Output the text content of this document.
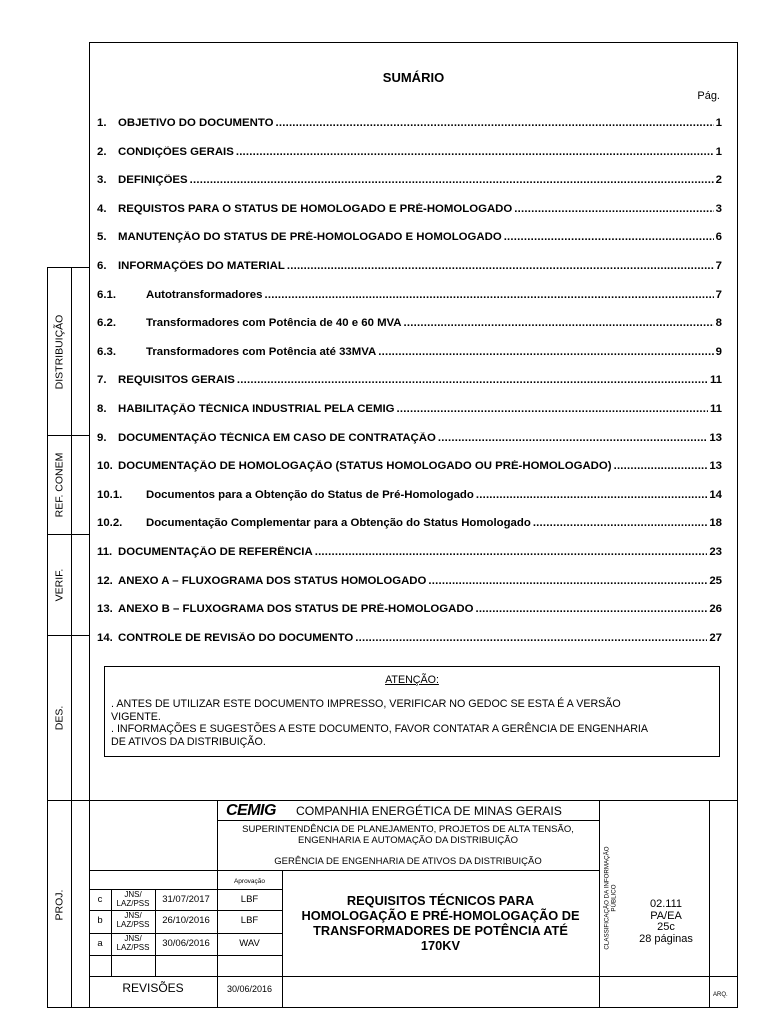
DISTRIBUIÇÃO
REF. CONEM
VERIF.
DES.
PROJ.
SUMÁRIO
Pág.
1.	OBJETIVO DO DOCUMENTO .....	1
2.	CONDIÇÕES GERAIS .....	1
3.	DEFINIÇÕES .....	2
4.	REQUISTOS PARA O STATUS DE HOMOLOGADO E PRÉ-HOMOLOGADO .....	3
5.	MANUTENÇÃO DO STATUS DE PRÉ-HOMOLOGADO E HOMOLOGADO .....	6
6.	INFORMAÇÕES DO MATERIAL .....	7
6.1.	Autotransformadores .....	7
6.2.	Transformadores com Potência de 40 e 60 MVA .....	8
6.3.	Transformadores com Potência até 33MVA .....	9
7.	REQUISITOS GERAIS .....	11
8.	HABILITAÇÃO TÉCNICA INDUSTRIAL PELA CEMIG .....	11
9.	DOCUMENTAÇÃO TÉCNICA EM CASO DE CONTRATAÇÃO .....	13
10. DOCUMENTAÇÃO DE HOMOLOGAÇÃO (STATUS HOMOLOGADO OU PRÉ-HOMOLOGADO) .....	13
10.1.	Documentos para a Obtenção do Status de Pré-Homologado .....	14
10.2.	Documentação Complementar para a Obtenção do Status Homologado .....	18
11. DOCUMENTAÇÃO DE REFERÊNCIA .....	23
12. ANEXO A – FLUXOGRAMA DOS STATUS HOMOLOGADO .....	25
13. ANEXO B – FLUXOGRAMA DOS STATUS DE PRÉ-HOMOLOGADO .....	26
14. CONTROLE DE REVISÃO DO DOCUMENTO .....	27
ATENÇÃO:
. ANTES DE UTILIZAR ESTE DOCUMENTO IMPRESSO, VERIFICAR NO GEDOC SE ESTA É A VERSÃO
VIGENTE.
. INFORMAÇÕES E SUGESTÕES A ESTE DOCUMENTO, FAVOR CONTATAR A GERÊNCIA DE ENGENHARIA
DE ATIVOS DA DISTRIBUIÇÃO.
CEMIG COMPANHIA ENERGÉTICA DE MINAS GERAIS
SUPERINTENDÊNCIA DE PLANEJAMENTO, PROJETOS DE ALTA TENSÃO,
ENGENHARIA E AUTOMAÇÃO DA DISTRIBUIÇÃO
GERÊNCIA DE ENGENHARIA DE ATIVOS DA DISTRIBUIÇÃO
Aprovação
c	JNS/
LAZ/PSS	31/07/2017	LBF
b	JNS/
LAZ/PSS	26/10/2016	LBF
a	JNS/
LAZ/PSS	30/06/2016	WAV
REVISÕES	30/06/2016
REQUISITOS TÉCNICOS PARA
HOMOLOGAÇÃO E PRÉ-HOMOLOGAÇÃO DE
TRANSFORMADORES DE POTÊNCIA ATÉ
170KV	CLASSIFICAÇÃO DA INFORMAÇÃO PÚBLICO	02.111
PA/EA
25c
28 páginas
ARQ.
